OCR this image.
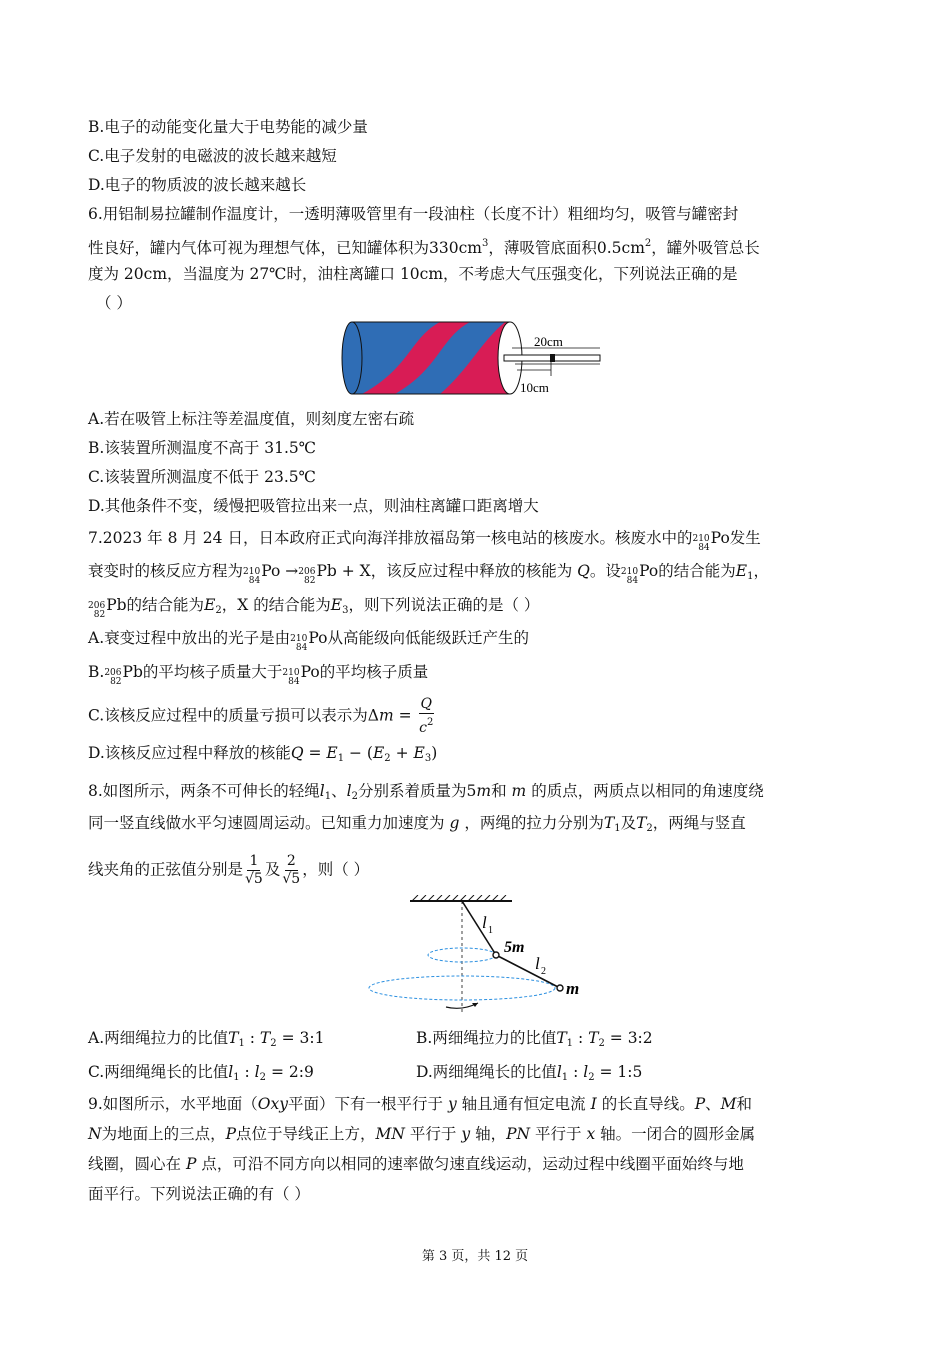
B.电子的动能变化量大于电势能的减少量
C.电子发射的电磁波的波长越来越短
D.电子的物质波的波长越来越长
6.用铝制易拉罐制作温度计，一透明薄吸管里有一段油柱（长度不计）粗细均匀，吸管与罐密封
性良好，罐内气体可视为理想气体，已知罐体积为$330cm^3$，薄吸管底面积$0.5cm^2$，罐外吸管总长
度为 20cm，当温度为 27℃时，油柱离罐口 10cm，不考虑大气压强变化，下列说法正确的是
（ ）
20cm
10cm
A.若在吸管上标注等差温度值，则刻度左密右疏
B.该装置所测温度不高于 31.5℃
C.该装置所测温度不低于 23.5℃
D.其他条件不变，缓慢把吸管拉出来一点，则油柱离罐口距离增大
7.2023 年 8 月 24 日，日本政府正式向海洋排放福岛第一核电站的核废水。核废水中的 210
84
Po发生
衰变时的核反应方程为 210
84
Po → 206
82
Pb + X，该反应过程中释放的核能为 Q。设 210
84
Po的结合能为$E_1$，
206
82
Pb的结合能为$E_2$，X 的结合能为$E_3$，则下列说法正确的是（ ）
A.衰变过程中放出的光子是由 210
84
Po从高能级向低能级跃迁产生的
B. 206
82
Pb的平均核子质量大于 210
84
Po的平均核子质量
C.该核反应过程中的质量亏损可以表示为$\Delta m = \frac{Q}{c^2}$
D.该核反应过程中释放的核能$Q = E_1 - (E_2 + E_3)$
8.如图所示，两条不可伸长的轻绳$l_1$、$l_2$分别系着质量为5m和 m 的质点，两质点以相同的角速度绕
同一竖直线做水平匀速圆周运动。已知重力加速度为 g ，两绳的拉力分别为$T_1$及$T_2$，两绳与竖直
线夹角的正弦值分别是 $\frac{1}{√5}$ 及 $\frac{2}{√5}$ ，则（ ）
l 1
5m
l 2
m
A.两细绳拉力的比值$T_1$ : $T_2$ = 3:1	B.两细绳拉力的比值$T_1$ : $T_2$ = 3:2
C.两细绳绳长的比值$l_1$ : $l_2$ = 2:9	D.两细绳绳长的比值$l_1$ : $l_2$ = 1:5
9.如图所示，水平地面（Oxy平面）下有一根平行于 y 轴且通有恒定电流 I 的长直导线。P、M和
N为地面上的三点，P点位于导线正上方，MN 平行于 y 轴，PN 平行于 x 轴。一闭合的圆形金属
线圈，圆心在 P 点，可沿不同方向以相同的速率做匀速直线运动，运动过程中线圈平面始终与地
面平行。下列说法正确的有（ ）
第 3 页，共 12 页
